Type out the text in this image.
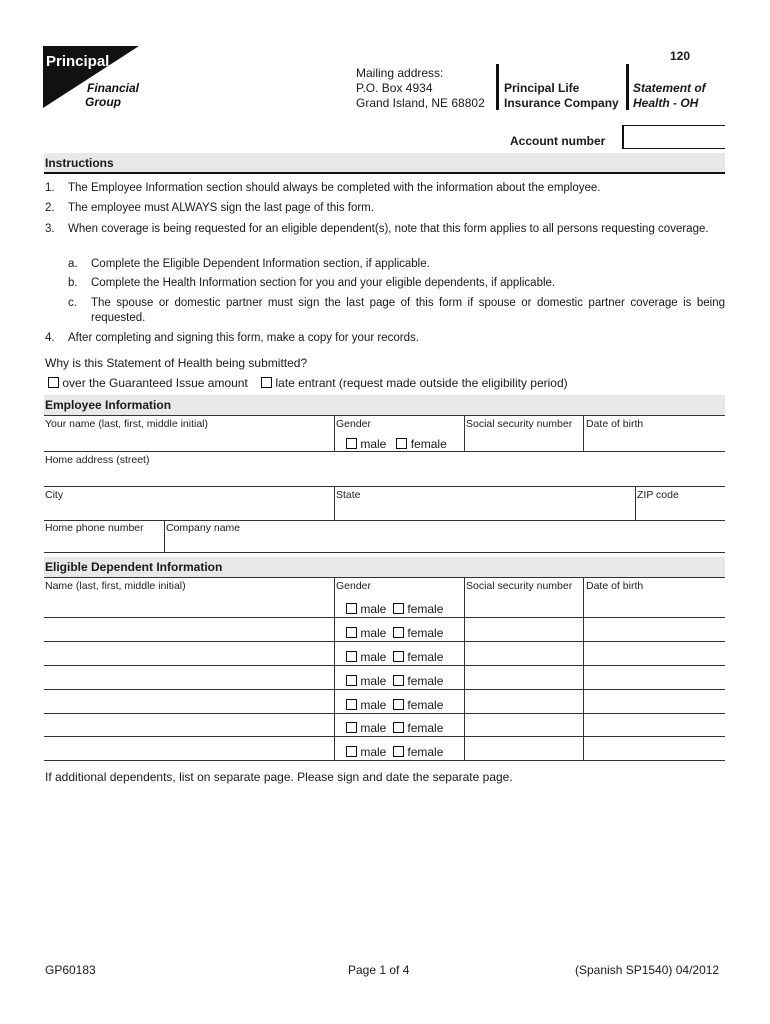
Principal
Financial
Group
120
Mailing address:
P.O. Box 4934
Grand Island, NE 68802
Principal Life
Insurance Company
Statement of
Health - OH
Account number
Instructions
1. The Employee Information section should always be completed with the information about the employee.
2. The employee must ALWAYS sign the last page of this form.
3. When coverage is being requested for an eligible dependent(s), note that this form applies to all persons requesting coverage.
a. Complete the Eligible Dependent Information section, if applicable.
b. Complete the Health Information section for you and your eligible dependents, if applicable.
c. The spouse or domestic partner must sign the last page of this form if spouse or domestic partner coverage is being requested.
4. After completing and signing this form, make a copy for your records.
Why is this Statement of Health being submitted?
over the Guaranteed Issue amount late entrant (request made outside the eligibility period)
Employee Information
Your name (last, first, middle initial)	Gender	Social security number Date of birth
male female
Home address (street)
City	State	ZIP code
Home phone number Company name
Eligible Dependent Information
Name (last, first, middle initial)	Gender	Social security number Date of birth
male female
male female
male female
male female
male female
male female
male female
If additional dependents, list on separate page. Please sign and date the separate page.
GP60183	Page 1 of 4	(Spanish SP1540) 04/2012
